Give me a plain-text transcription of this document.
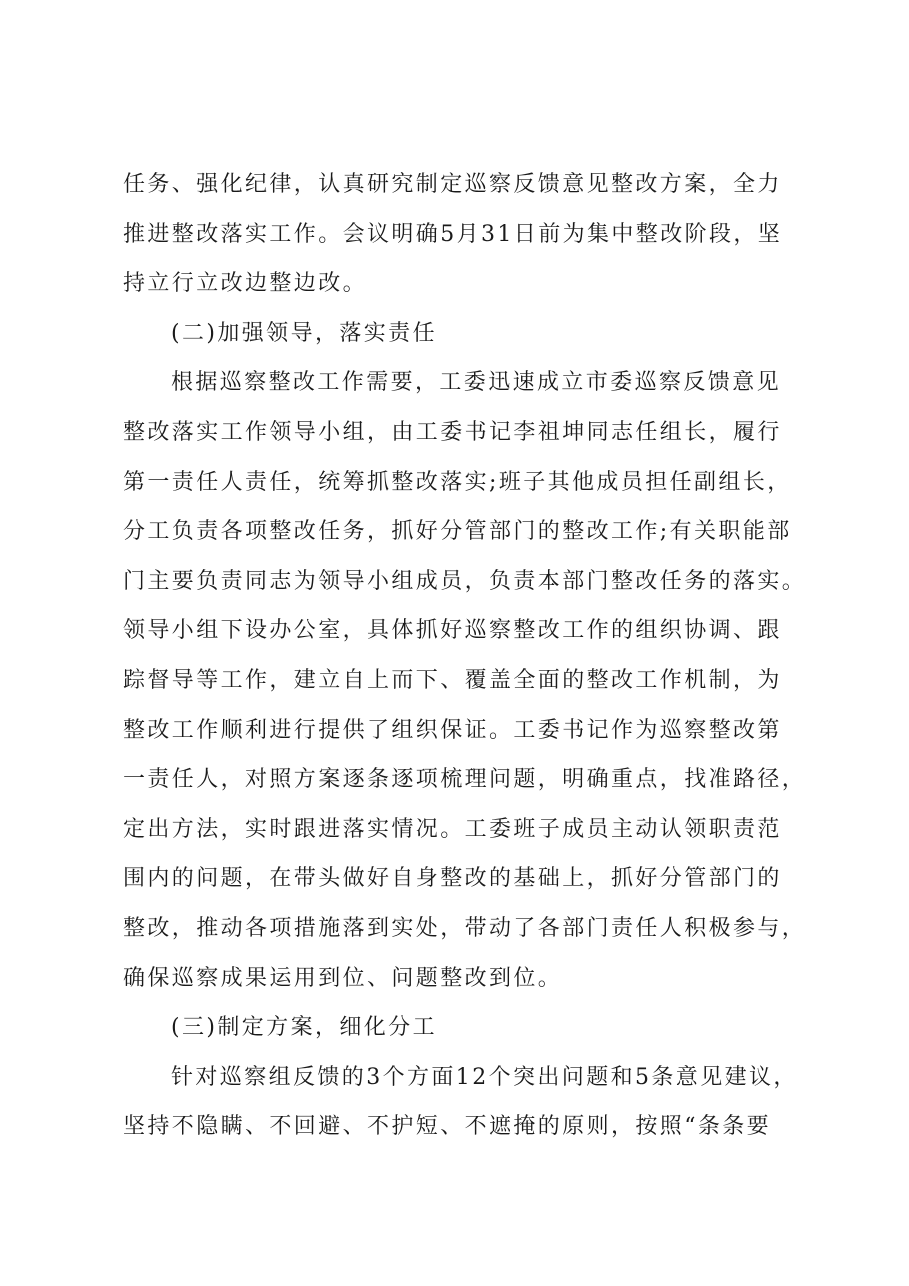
任务、强化纪律，认真研究制定巡察反馈意见整改方案，全力
推进整改落实工作。会议明确5月31日前为集中整改阶段，坚
持立行立改边整边改。
(二)加强领导，落实责任
根据巡察整改工作需要，工委迅速成立市委巡察反馈意见
整改落实工作领导小组，由工委书记李祖坤同志任组长，履行
第一责任人责任，统筹抓整改落实;班子其他成员担任副组长，
分工负责各项整改任务，抓好分管部门的整改工作;有关职能部
门主要负责同志为领导小组成员，负责本部门整改任务的落实。
领导小组下设办公室，具体抓好巡察整改工作的组织协调、跟
踪督导等工作，建立自上而下、覆盖全面的整改工作机制，为
整改工作顺利进行提供了组织保证。工委书记作为巡察整改第
一责任人，对照方案逐条逐项梳理问题，明确重点，找准路径，
定出方法，实时跟进落实情况。工委班子成员主动认领职责范
围内的问题，在带头做好自身整改的基础上，抓好分管部门的
整改，推动各项措施落到实处，带动了各部门责任人积极参与，
确保巡察成果运用到位、问题整改到位。
(三)制定方案，细化分工
针对巡察组反馈的3个方面12个突出问题和5条意见建议，
坚持不隐瞒、不回避、不护短、不遮掩的原则，按照“条条要
